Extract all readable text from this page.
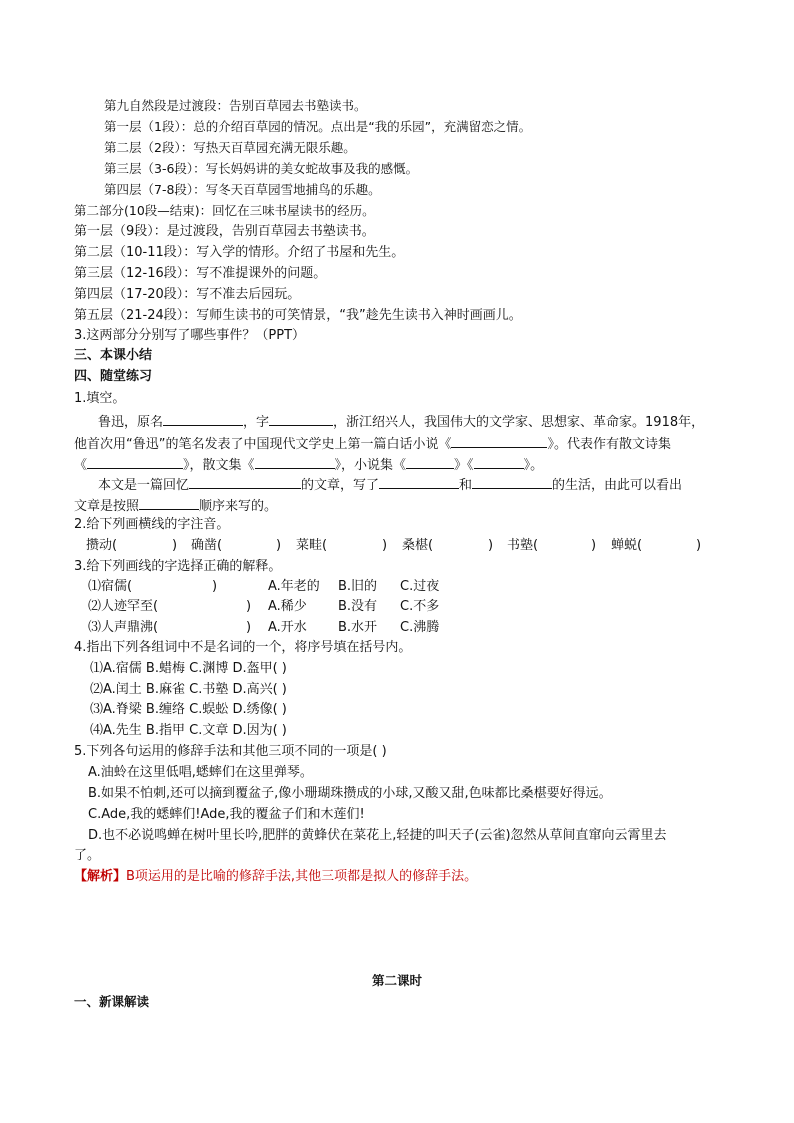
第九自然段是过渡段：告别百草园去书塾读书。
第一层（1段）：总的介绍百草园的情况。点出是“我的乐园”，充满留恋之情。
第二层（2段）：写热天百草园充满无限乐趣。
第三层（3-6段）：写长妈妈讲的美女蛇故事及我的感慨。
第四层（7-8段）：写冬天百草园雪地捕鸟的乐趣。
第二部分(10段—结束)：回忆在三味书屋读书的经历。
第一层（9段）：是过渡段，告别百草园去书塾读书。
第二层（10-11段）：写入学的情形。介绍了书屋和先生。
第三层（12-16段）：写不准提课外的问题。
第四层（17-20段）：写不准去后园玩。
第五层（21-24段）：写师生读书的可笑情景，“我”趁先生读书入神时画画儿。
3.这两部分分别写了哪些事件？（PPT）
三、本课小结
四、随堂练习
1.填空。
鲁迅，原名	，字	，浙江绍兴人，我国伟大的文学家、思想家、革命家。1918年，
他首次用“鲁迅”的笔名发表了中国现代文学史上第一篇白话小说《	》。代表作有散文诗集
《	》，散文集《	》，小说集《	》《	》。
本文是一篇回忆	的文章，写了	和	的生活，由此可以看出
文章是按照	顺序来写的。
2.给下列画横线的字注音。
攒动(	) 确凿(	) 菜畦(	) 桑椹(	) 书塾(	) 蝉蜕(	)
3.给下列画线的字选择正确的解释。
⑴宿儒(	)	A.年老的 B.旧的 C.过夜
⑵人迹罕至(	) A.稀少 B.没有 C.不多
⑶人声鼎沸(	) A.开水 B.水开 C.沸腾
4.指出下列各组词中不是名词的一个，将序号填在括号内。
⑴A.宿儒 B.蜡梅 C.渊博 D.盔甲( )
⑵A.闰土 B.麻雀 C.书塾 D.高兴( )
⑶A.脊梁 B.缠络 C.蜈蚣 D.绣像( )
⑷A.先生 B.指甲 C.文章 D.因为( )
5.下列各句运用的修辞手法和其他三项不同的一项是( )
A.油蛉在这里低唱,蟋蟀们在这里弹琴。
B.如果不怕刺,还可以摘到覆盆子,像小珊瑚珠攒成的小球,又酸又甜,色味都比桑椹要好得远。
C.Ade,我的蟋蟀们!Ade,我的覆盆子们和木莲们!
D.也不必说鸣蝉在树叶里长吟,肥胖的黄蜂伏在菜花上,轻捷的叫天子(云雀)忽然从草间直窜向云霄里去
了。
【解析】B项运用的是比喻的修辞手法,其他三项都是拟人的修辞手法。
第二课时
一、新课解读
